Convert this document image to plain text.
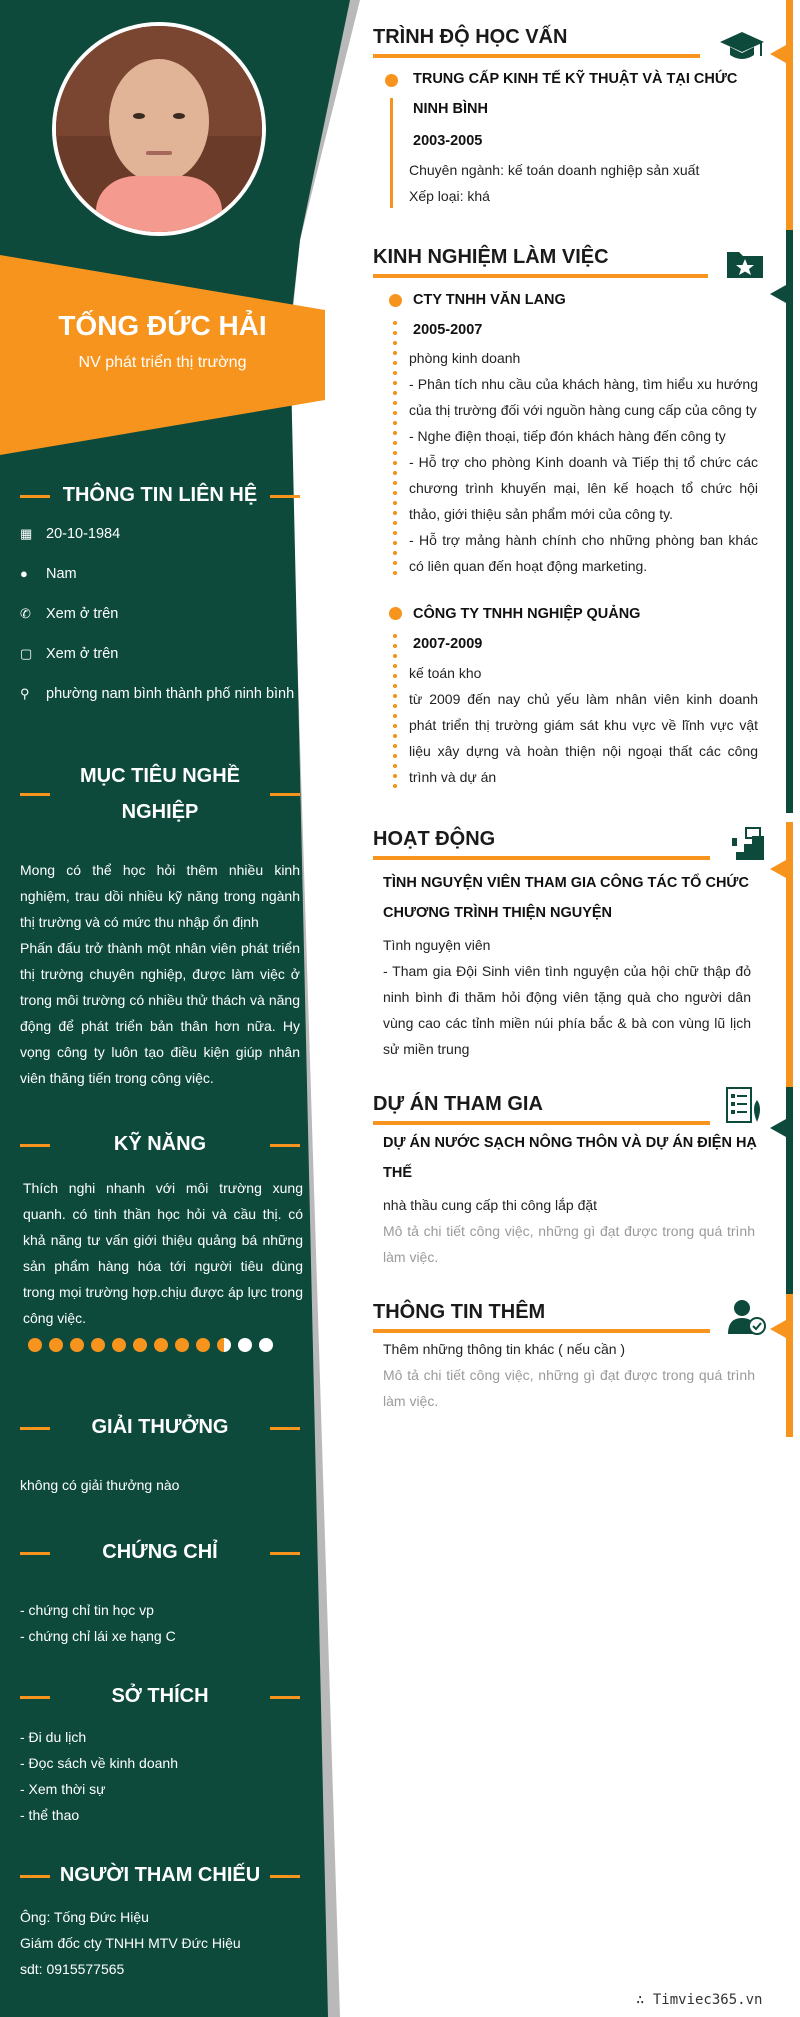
TỐNG ĐỨC HẢI
NV phát triển thị trường
THÔNG TIN LIÊN HỆ
▦ 20-10-1984
● Nam
✆ Xem ở trên
▢ Xem ở trên
⚲ phường nam bình thành phố ninh bình
MỤC TIÊU NGHỀ
NGHIỆP

Mong có thể học hỏi thêm nhiều kinh nghiệm, trau dồi nhiều kỹ năng trong ngành thị trường và có mức thu nhập ổn định

Phấn đấu trở thành một nhân viên phát triển thị trường chuyên nghiệp, được làm việc ở trong môi trường có nhiều thử thách và năng động để phát triển bản thân hơn nữa. Hy vọng công ty luôn tạo điều kiện giúp nhân viên thăng tiến trong công việc.

KỸ NĂNG
Thích nghi nhanh với môi trường xung quanh. có tinh thần học hỏi và cầu thị. có khả năng tư vấn giới thiệu quảng bá những sản phẩm hàng hóa tới người tiêu dùng trong mọi trường hợp.chịu được áp lực trong công việc.
GIẢI THƯỞNG
không có giải thưởng nào
CHỨNG CHỈ
- chứng chỉ tin học vp
- chứng chỉ lái xe hạng C
SỞ THÍCH
- Đi du lịch
- Đọc sách về kinh doanh
- Xem thời sự
- thể thao
NGƯỜI THAM CHIẾU
Ông: Tống Đức Hiệu
Giám đốc cty TNHH MTV Đức Hiệu
sdt: 0915577565
TRÌNH ĐỘ HỌC VẤN
TRUNG CẤP KINH TẾ KỸ THUẬT VÀ TẠI CHỨC
NINH BÌNH
2003-2005
Chuyên ngành: kế toán doanh nghiệp sản xuất
Xếp loại: khá
KINH NGHIỆM LÀM VIỆC
CTY TNHH VĂN LANG
2005-2007

phòng kinh doanh

- Phân tích nhu cầu của khách hàng, tìm hiểu xu hướng của thị trường đối với nguồn hàng cung cấp của công ty

- Nghe điện thoại, tiếp đón khách hàng đến công ty

- Hỗ trợ cho phòng Kinh doanh và Tiếp thị tổ chức các chương trình khuyến mại, lên kế hoạch tổ chức hội thảo, giới thiệu sản phẩm mới của công ty.

- Hỗ trợ mảng hành chính cho những phòng ban khác có liên quan đến hoạt động marketing.

CÔNG TY TNHH NGHIỆP QUẢNG
2007-2009

kế toán kho

từ 2009 đến nay chủ yếu làm nhân viên kinh doanh phát triển thị trường giám sát khu vực về lĩnh vực vật liệu xây dựng và hoàn thiện nội ngoại thất các công trình và dự án

HOẠT ĐỘNG
TÌNH NGUYỆN VIÊN THAM GIA CÔNG TÁC TỔ CHỨC
CHƯƠNG TRÌNH THIỆN NGUYỆN
Tình nguyện viên
- Tham gia Đội Sinh viên tình nguyện của hội chữ thập đỏ ninh bình đi thăm hỏi động viên tặng quà cho người dân vùng cao các tỉnh miền núi phía bắc & bà con vùng lũ lịch sử miền trung
DỰ ÁN THAM GIA
DỰ ÁN NƯỚC SẠCH NÔNG THÔN VÀ DỰ ÁN ĐIỆN HẠ
THẾ
nhà thầu cung cấp thi công lắp đặt
Mô tả chi tiết công việc, những gì đạt được trong quá trình làm việc.
THÔNG TIN THÊM
Thêm những thông tin khác ( nếu cần )
Mô tả chi tiết công việc, những gì đạt được trong quá trình làm việc.
∴ Timviec365.vn
